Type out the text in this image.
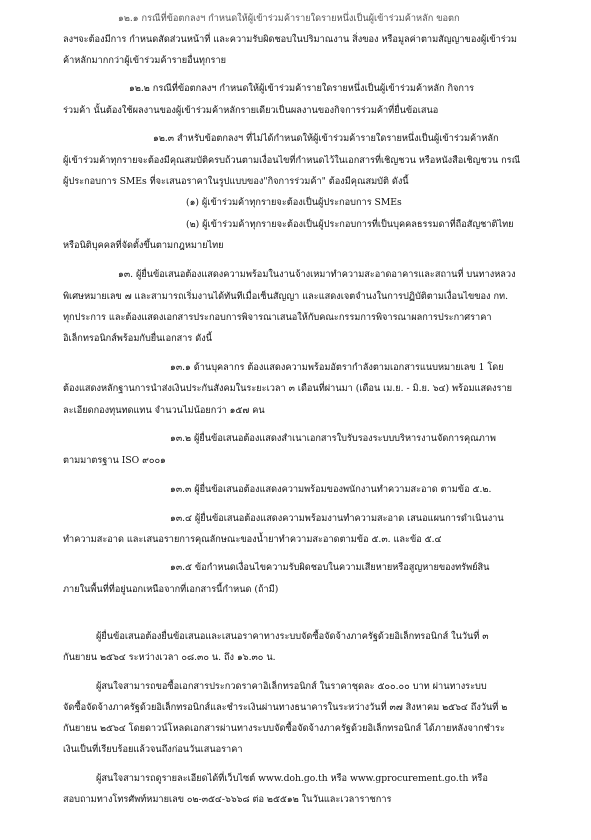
๑๒.๑ กรณีที่ข้อตกลงฯ กำหนดให้ผู้เข้าร่วมค้ารายใดรายหนึ่งเป็นผู้เข้าร่วมค้าหลัก ขอตก
ลงฯจะต้องมีการ กำหนดสัดส่วนหน้าที่ และความรับผิดชอบในปริมาณงาน สิ่งของ หรือมูลค่าตามสัญญาของผู้เข้าร่วม
ค้าหลักมากกว่าผู้เข้าร่วมค้ารายอื่นทุกราย
๑๒.๒ กรณีที่ข้อตกลงฯ กำหนดให้ผู้เข้าร่วมค้ารายใดรายหนึ่งเป็นผู้เข้าร่วมค้าหลัก กิจการ
ร่วมค้า นั้นต้องใช้ผลงานของผู้เข้าร่วมค้าหลักรายเดียวเป็นผลงานของกิจการร่วมค้าที่ยื่นข้อเสนอ
๑๒.๓ สำหรับข้อตกลงฯ ที่ไม่ได้กำหนดให้ผู้เข้าร่วมค้ารายใดรายหนึ่งเป็นผู้เข้าร่วมค้าหลัก
ผู้เข้าร่วมค้าทุกรายจะต้องมีคุณสมบัติครบถ้วนตามเงื่อนไขที่กำหนดไว้ในเอกสารที่เชิญชวน หรือหนังสือเชิญชวน กรณี
ผู้ประกอบการ SMEs ที่จะเสนอราคาในรูปแบบของ"กิจการร่วมค้า" ต้องมีคุณสมบัติ ดังนี้
(๑) ผู้เข้าร่วมค้าทุกรายจะต้องเป็นผู้ประกอบการ SMEs
(๒) ผู้เข้าร่วมค้าทุกรายจะต้องเป็นผู้ประกอบการที่เป็นบุคคลธรรมดาที่ถือสัญชาติไทย
หรือนิติบุคคลที่จัดตั้งขึ้นตามกฎหมายไทย
๑๓. ผู้ยื่นข้อเสนอต้องแสดงความพร้อมในงานจ้างเหมาทำความสะอาดอาคารและสถานที่ บนทางหลวง
พิเศษหมายเลข ๗ และสามารถเริ่มงานได้ทันทีเมื่อเซ็นสัญญา และแสดงเจตจำนงในการปฏิบัติตามเงื่อนไขของ กท.
ทุกประการ และต้องแสดงเอกสารประกอบการพิจารณาเสนอให้กับคณะกรรมการพิจารณาผลการประกาศราคา
อิเล็กทรอนิกส์พร้อมกับยื่นเอกสาร ดังนี้
๑๓.๑ ด้านบุคลากร ต้องแสดงความพร้อมอัตรากำลังตามเอกสารแนบหมายเลข 1 โดย
ต้องแสดงหลักฐานการนำส่งเงินประกันสังคมในระยะเวลา ๓ เดือนที่ผ่านมา (เดือน เม.ย. - มิ.ย. ๖๔) พร้อมแสดงราย
ละเอียดกองทุนทดแทน จำนวนไม่น้อยกว่า ๑๕๗ คน
๑๓.๒ ผู้ยื่นข้อเสนอต้องแสดงสำเนาเอกสารใบรับรองระบบบริหารงานจัดการคุณภาพ
ตามมาตรฐาน ISO ๙๐๐๑
๑๓.๓ ผู้ยื่นข้อเสนอต้องแสดงความพร้อมของพนักงานทำความสะอาด ตามข้อ ๕.๒.
๑๓.๔ ผู้ยื่นข้อเสนอต้องแสดงความพร้อมงานทำความสะอาด เสนอแผนการดำเนินงาน
ทำความสะอาด และเสนอรายการคุณลักษณะของน้ำยาทำความสะอาดตามข้อ ๕.๓. และข้อ ๕.๔
๑๓.๕ ข้อกำหนดเงื่อนไขความรับผิดชอบในความเสียหายหรือสูญหายของทรัพย์สิน
ภายในพื้นที่ที่อยู่นอกเหนือจากที่เอกสารนี้กำหนด (ถ้ามี)
ผู้ยื่นข้อเสนอต้องยื่นข้อเสนอและเสนอราคาทางระบบจัดซื้อจัดจ้างภาครัฐด้วยอิเล็กทรอนิกส์ ในวันที่ ๓
กันยายน ๒๕๖๔ ระหว่างเวลา ๐๘.๓๐ น. ถึง ๑๖.๓๐ น.
ผู้สนใจสามารถขอซื้อเอกสารประกวดราคาอิเล็กทรอนิกส์ ในราคาชุดละ ๕๐๐.๐๐ บาท ผ่านทางระบบ
จัดซื้อจัดจ้างภาครัฐด้วยอิเล็กทรอนิกส์และชำระเงินผ่านทางธนาคารในระหว่างวันที่ ๓๗ สิงหาคม ๒๕๖๔ ถึงวันที่ ๒
กันยายน ๒๕๖๔ โดยดาวน์โหลดเอกสารผ่านทางระบบจัดซื้อจัดจ้างภาครัฐด้วยอิเล็กทรอนิกส์ ได้ภายหลังจากชำระ
เงินเป็นที่เรียบร้อยแล้วจนถึงก่อนวันเสนอราคา
ผู้สนใจสามารถดูรายละเอียดได้ที่เว็บไซต์ www.doh.go.th หรือ www.gprocurement.go.th หรือ
สอบถามทางโทรศัพท์หมายเลข ๐๒-๓๕๔-๖๖๖๘ ต่อ ๒๕๕๑๒ ในวันและเวลาราชการ
